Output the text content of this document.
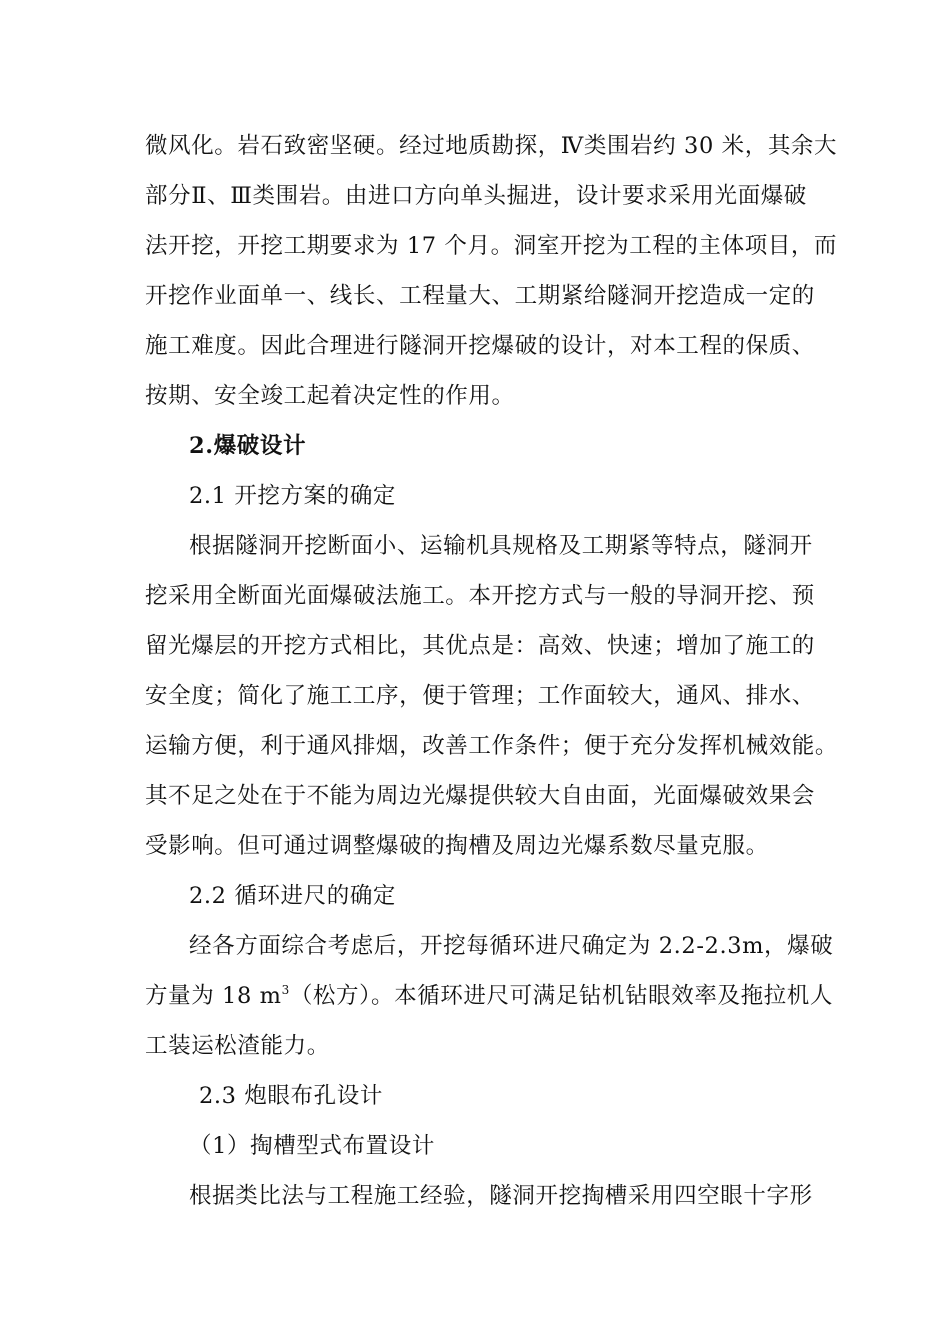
微风化。岩石致密坚硬。经过地质勘探，Ⅳ类围岩约 30 米，其余大
部分Ⅱ、Ⅲ类围岩。由进口方向单头掘进，设计要求采用光面爆破
法开挖，开挖工期要求为 17 个月。洞室开挖为工程的主体项目，而
开挖作业面单一、线长、工程量大、工期紧给隧洞开挖造成一定的
施工难度。因此合理进行隧洞开挖爆破的设计，对本工程的保质、
按期、安全竣工起着决定性的作用。
2.爆破设计
2.1 开挖方案的确定
根据隧洞开挖断面小、运输机具规格及工期紧等特点，隧洞开
挖采用全断面光面爆破法施工。本开挖方式与一般的导洞开挖、预
留光爆层的开挖方式相比，其优点是：高效、快速；增加了施工的
安全度；简化了施工工序，便于管理；工作面较大，通风、排水、
运输方便，利于通风排烟，改善工作条件；便于充分发挥机械效能。
其不足之处在于不能为周边光爆提供较大自由面，光面爆破效果会
受影响。但可通过调整爆破的掏槽及周边光爆系数尽量克服。
2.2 循环进尺的确定
经各方面综合考虑后，开挖每循环进尺确定为 2.2-2.3m，爆破
方量为 18 $m^3$（松方）。本循环进尺可满足钻机钻眼效率及拖拉机人
工装运松渣能力。
2.3 炮眼布孔设计
（1）掏槽型式布置设计
根据类比法与工程施工经验，隧洞开挖掏槽采用四空眼十字形
